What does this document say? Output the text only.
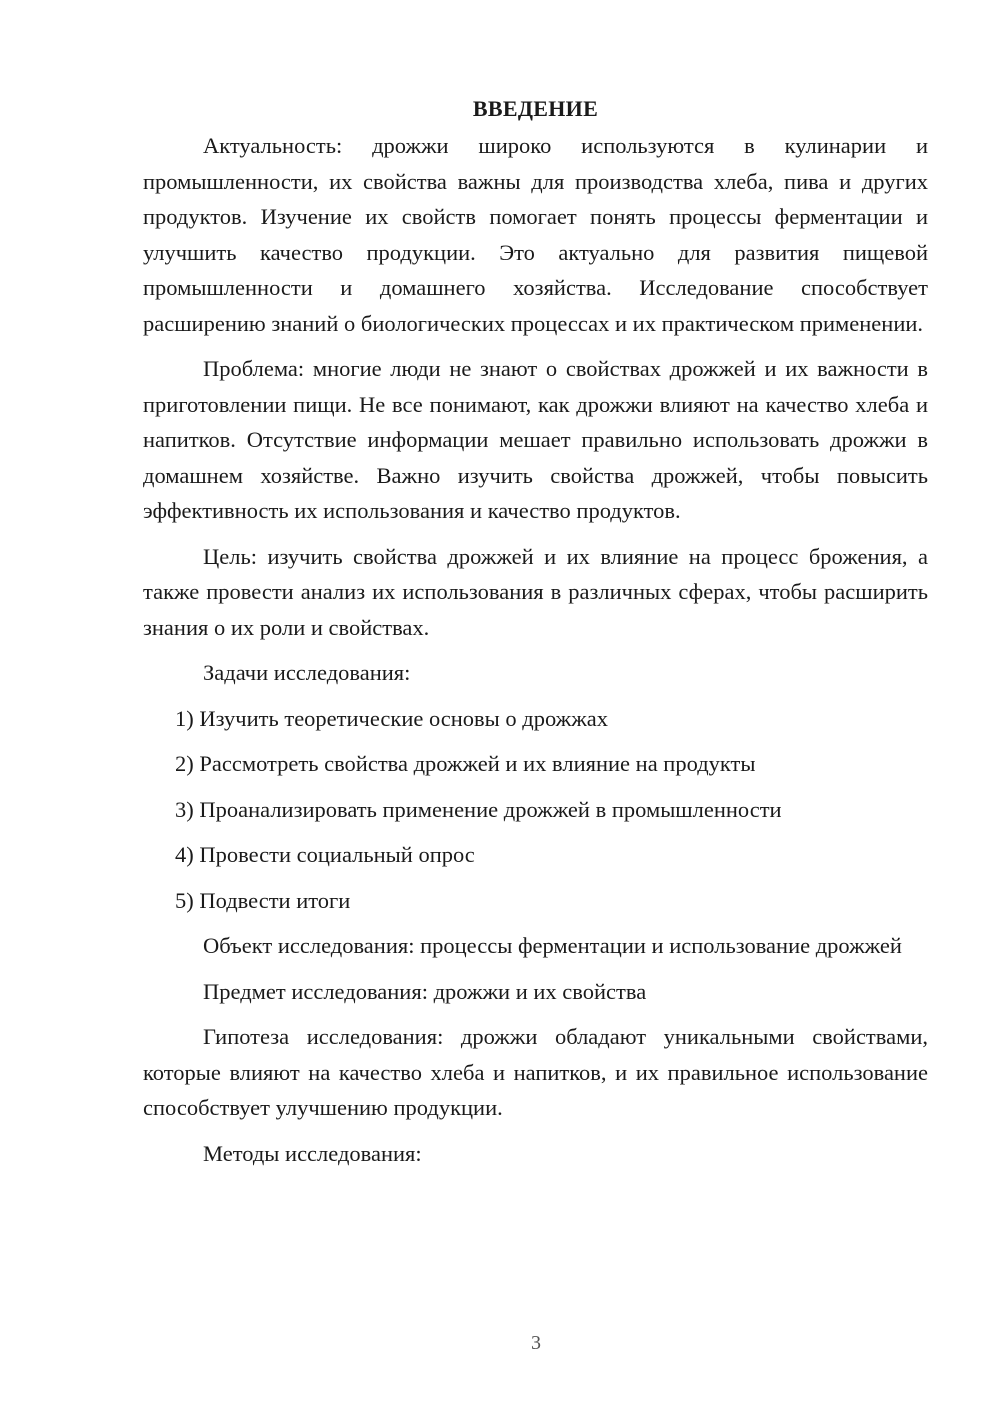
ВВЕДЕНИЕ

Актуальность: дрожжи широко используются в кулинарии и промышленности, их свойства важны для производства хлеба, пива и других продуктов. Изучение их свойств помогает понять процессы ферментации и улучшить качество продукции. Это актуально для развития пищевой промышленности и домашнего хозяйства. Исследование способствует расширению знаний о биологических процессах и их практическом применении.

Проблема: многие люди не знают о свойствах дрожжей и их важности в приготовлении пищи. Не все понимают, как дрожжи влияют на качество хлеба и напитков. Отсутствие информации мешает правильно использовать дрожжи в домашнем хозяйстве. Важно изучить свойства дрожжей, чтобы повысить эффективность их использования и качество продуктов.

Цель: изучить свойства дрожжей и их влияние на процесс брожения, а также провести анализ их использования в различных сферах, чтобы расширить знания о их роли и свойствах.

Задачи исследования:

1) Изучить теоретические основы о дрожжах
2) Рассмотреть свойства дрожжей и их влияние на продукты
3) Проанализировать применение дрожжей в промышленности
4) Провести социальный опрос
5) Подвести итоги

Объект исследования: процессы ферментации и использование дрожжей

Предмет исследования: дрожжи и их свойства

Гипотеза исследования: дрожжи обладают уникальными свойствами, которые влияют на качество хлеба и напитков, и их правильное использование способствует улучшению продукции.

Методы исследования:

3
